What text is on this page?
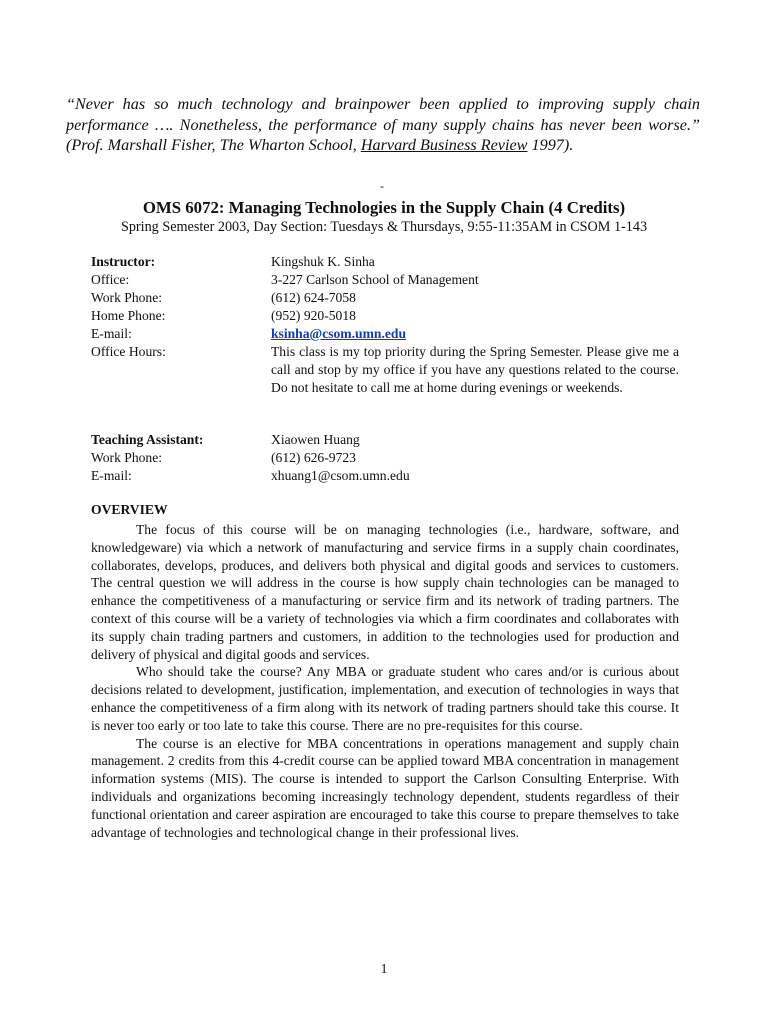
“Never has so much technology and brainpower been applied to improving supply chain performance …. Nonetheless, the performance of many supply chains has never been worse.” (Prof. Marshall Fisher, The Wharton School, Harvard Business Review 1997).
-
OMS 6072: Managing Technologies in the Supply Chain (4 Credits)
Spring Semester 2003, Day Section: Tuesdays & Thursdays, 9:55-11:35AM in CSOM 1-143
Instructor:	Kingshuk K. Sinha
Office:	3-227 Carlson School of Management
Work Phone:	(612) 624-7058
Home Phone:	(952) 920-5018
E-mail:	ksinha@csom.umn.edu
Office Hours:	This class is my top priority during the Spring Semester. Please give me a call and stop by my office if you have any questions related to the course. Do not hesitate to call me at home during evenings or weekends.
Teaching Assistant:	Xiaowen Huang
Work Phone:	(612) 626-9723
E-mail:	xhuang1@csom.umn.edu
OVERVIEW

The focus of this course will be on managing technologies (i.e., hardware, software, and knowledgeware) via which a network of manufacturing and service firms in a supply chain coordinates, collaborates, develops, produces, and delivers both physical and digital goods and services to customers. The central question we will address in the course is how supply chain technologies can be managed to enhance the competitiveness of a manufacturing or service firm and its network of trading partners. The context of this course will be a variety of technologies via which a firm coordinates and collaborates with its supply chain trading partners and customers, in addition to the technologies used for production and delivery of physical and digital goods and services.

Who should take the course? Any MBA or graduate student who cares and/or is curious about decisions related to development, justification, implementation, and execution of technologies in ways that enhance the competitiveness of a firm along with its network of trading partners should take this course. It is never too early or too late to take this course. There are no pre-requisites for this course.

The course is an elective for MBA concentrations in operations management and supply chain management. 2 credits from this 4-credit course can be applied toward MBA concentration in management information systems (MIS). The course is intended to support the Carlson Consulting Enterprise. With individuals and organizations becoming increasingly technology dependent, students regardless of their functional orientation and career aspiration are encouraged to take this course to prepare themselves to take advantage of technologies and technological change in their professional lives.

1
